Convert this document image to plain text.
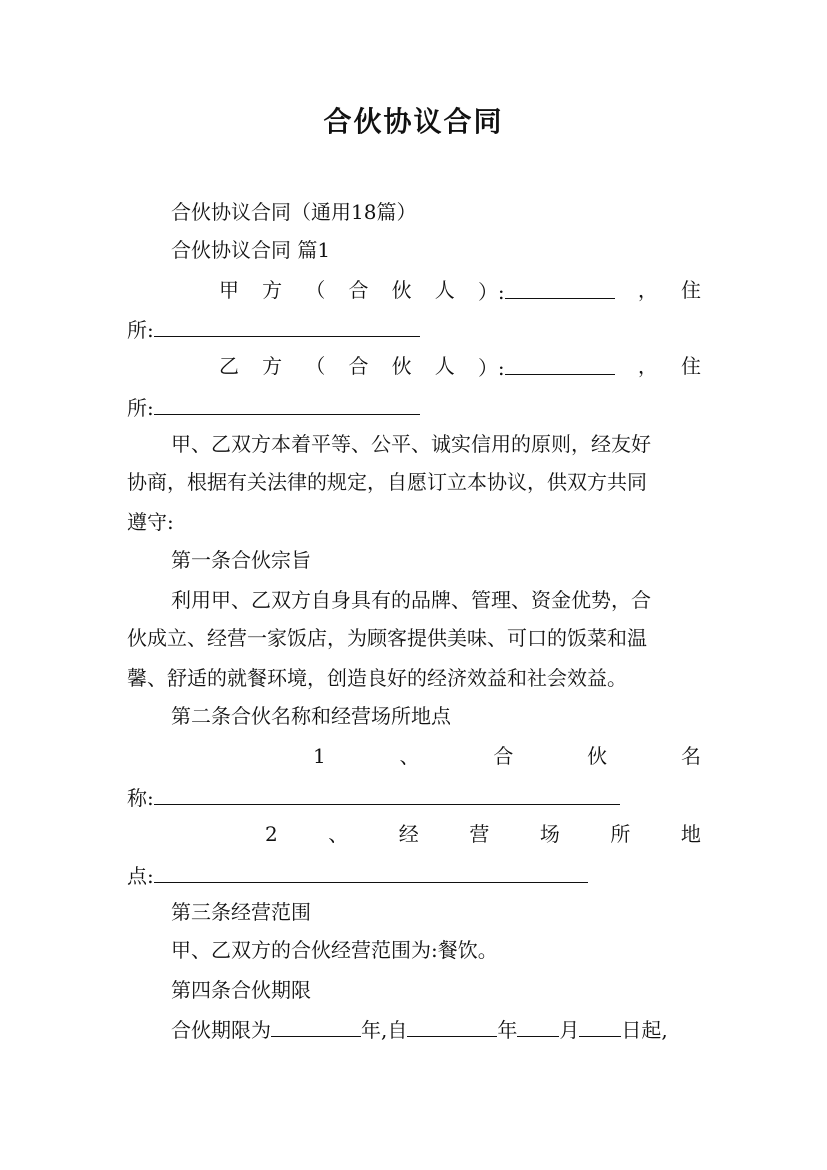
合伙协议合同
合伙协议合同（通用18篇）
合伙协议合同 篇1
甲 方 （ 合 伙 人 ）:	， 住
所:
乙 方 （ 合 伙 人 ）:	， 住
所:
甲、乙双方本着平等、公平、诚实信用的原则，经友好
协商，根据有关法律的规定，自愿订立本协议，供双方共同
遵守:
第一条合伙宗旨
利用甲、乙双方自身具有的品牌、管理、资金优势，合
伙成立、经营一家饭店，为顾客提供美味、可口的饭菜和温
馨、舒适的就餐环境，创造良好的经济效益和社会效益。
第二条合伙名称和经营场所地点
1	、	合	伙	名
称:
2	、	经	营	场	所	地
点:
第三条经营范围
甲、乙双方的合伙经营范围为:餐饮。
第四条合伙期限
合伙期限为	年,自	年 月 日起,
